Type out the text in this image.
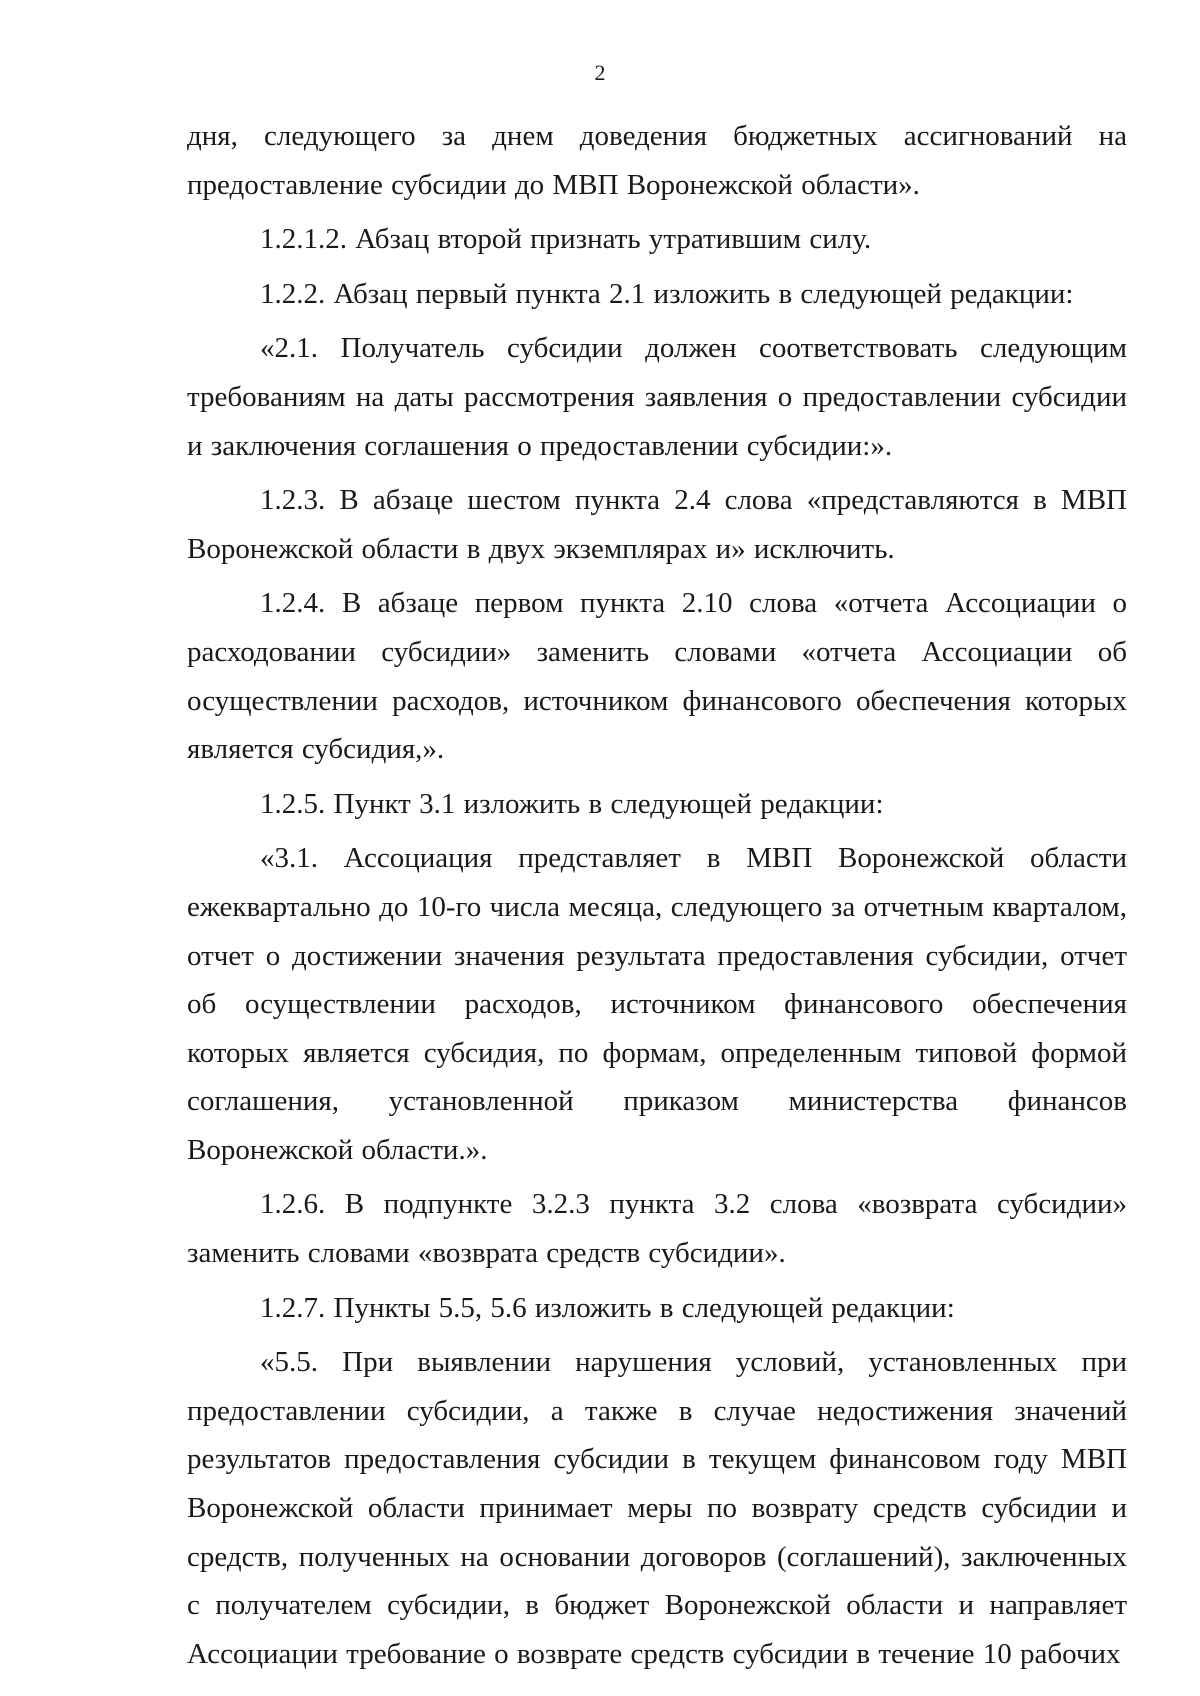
2

дня, следующего за днем доведения бюджетных ассигнований на предоставление субсидии до МВП Воронежской области».

1.2.1.2. Абзац второй признать утратившим силу.

1.2.2. Абзац первый пункта 2.1 изложить в следующей редакции:

«2.1. Получатель субсидии должен соответствовать следующим требованиям на даты рассмотрения заявления о предоставлении субсидии и заключения соглашения о предоставлении субсидии:».

1.2.3. В абзаце шестом пункта 2.4 слова «представляются в МВП Воронежской области в двух экземплярах и» исключить.

1.2.4. В абзаце первом пункта 2.10 слова «отчета Ассоциации о расходовании субсидии» заменить словами «отчета Ассоциации об осуществлении расходов, источником финансового обеспечения которых является субсидия,».

1.2.5. Пункт 3.1 изложить в следующей редакции:

«3.1. Ассоциация представляет в МВП Воронежской области ежеквартально до 10-го числа месяца, следующего за отчетным кварталом, отчет о достижении значения результата предоставления субсидии, отчет об осуществлении расходов, источником финансового обеспечения которых является субсидия, по формам, определенным типовой формой соглашения, установленной приказом министерства финансов Воронежской области.».

1.2.6. В подпункте 3.2.3 пункта 3.2 слова «возврата субсидии» заменить словами «возврата средств субсидии».

1.2.7. Пункты 5.5, 5.6 изложить в следующей редакции:

«5.5. При выявлении нарушения условий, установленных при предоставлении субсидии, а также в случае недостижения значений результатов предоставления субсидии в текущем финансовом году МВП Воронежской области принимает меры по возврату средств субсидии и средств, полученных на основании договоров (соглашений), заключенных с получателем субсидии, в бюджет Воронежской области и направляет Ассоциации требование о возврате средств субсидии в течение 10 рабочих
